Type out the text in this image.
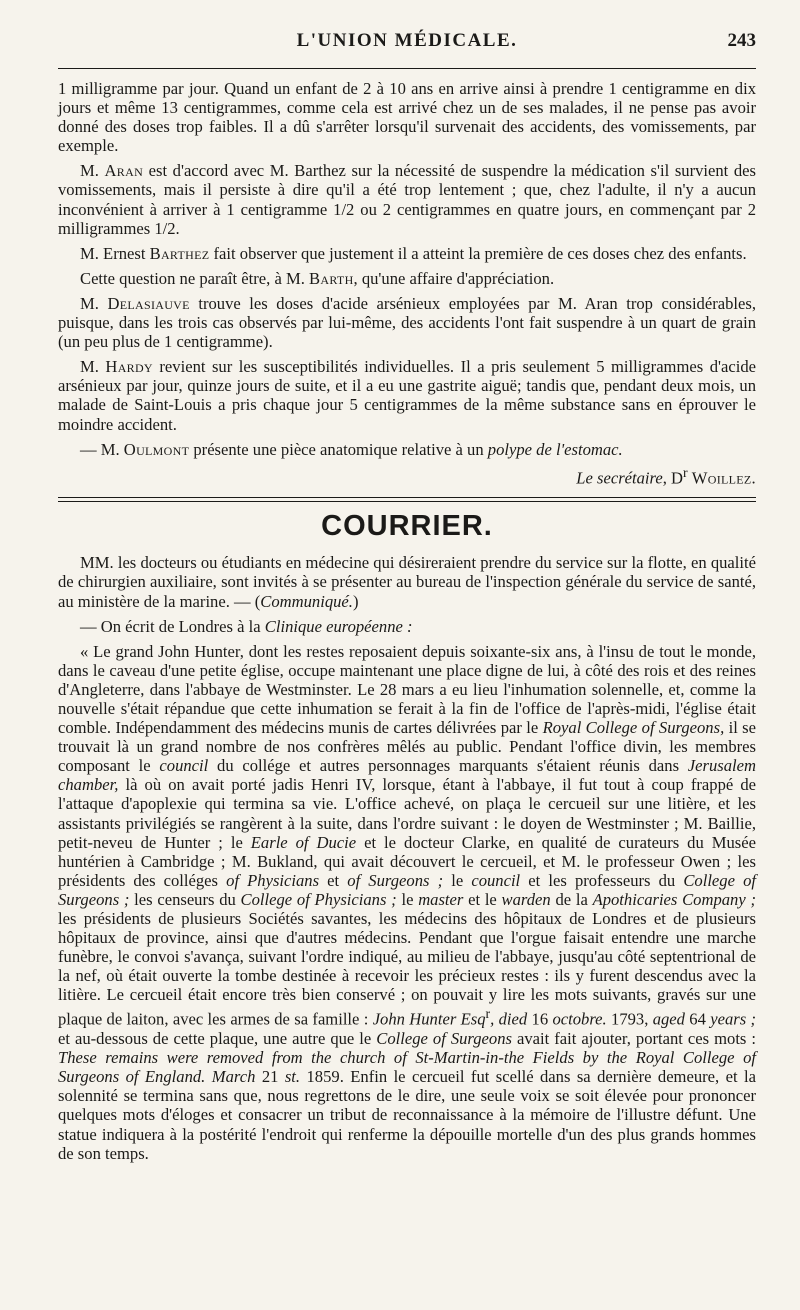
L'UNION MÉDICALE.	243

1 milligramme par jour. Quand un enfant de 2 à 10 ans en arrive ainsi à prendre 1 centigramme en dix jours et même 13 centigrammes, comme cela est arrivé chez un de ses malades, il ne pense pas avoir donné des doses trop faibles. Il a dû s'arrêter lorsqu'il survenait des accidents, des vomissements, par exemple.

M. Aran est d'accord avec M. Barthez sur la nécessité de suspendre la médication s'il survient des vomissements, mais il persiste à dire qu'il a été trop lentement ; que, chez l'adulte, il n'y a aucun inconvénient à arriver à 1 centigramme 1/2 ou 2 centigrammes en quatre jours, en commençant par 2 milligrammes 1/2.

M. Ernest Barthez fait observer que justement il a atteint la première de ces doses chez des enfants.

Cette question ne paraît être, à M. Barth, qu'une affaire d'appréciation.

M. Delasiauve trouve les doses d'acide arsénieux employées par M. Aran trop considérables, puisque, dans les trois cas observés par lui-même, des accidents l'ont fait suspendre à un quart de grain (un peu plus de 1 centigramme).

M. Hardy revient sur les susceptibilités individuelles. Il a pris seulement 5 milligrammes d'acide arsénieux par jour, quinze jours de suite, et il a eu une gastrite aiguë; tandis que, pendant deux mois, un malade de Saint-Louis a pris chaque jour 5 centigrammes de la même substance sans en éprouver le moindre accident.

— M. Oulmont présente une pièce anatomique relative à un polype de l'estomac.

Le secrétaire, $D^r$ Woillez.
COURRIER.

MM. les docteurs ou étudiants en médecine qui désireraient prendre du service sur la flotte, en qualité de chirurgien auxiliaire, sont invités à se présenter au bureau de l'inspection générale du service de santé, au ministère de la marine. — (Communiqué.)

— On écrit de Londres à la Clinique européenne :

« Le grand John Hunter, dont les restes reposaient depuis soixante-six ans, à l'insu de tout le monde, dans le caveau d'une petite église, occupe maintenant une place digne de lui, à côté des rois et des reines d'Angleterre, dans l'abbaye de Westminster. Le 28 mars a eu lieu l'inhumation solennelle, et, comme la nouvelle s'était répandue que cette inhumation se ferait à la fin de l'office de l'après-midi, l'église était comble. Indépendamment des médecins munis de cartes délivrées par le Royal College of Surgeons, il se trouvait là un grand nombre de nos confrères mêlés au public. Pendant l'office divin, les membres composant le council du collége et autres personnages marquants s'étaient réunis dans Jerusalem chamber, là où on avait porté jadis Henri IV, lorsque, étant à l'abbaye, il fut tout à coup frappé de l'attaque d'apoplexie qui termina sa vie. L'office achevé, on plaça le cercueil sur une litière, et les assistants privilégiés se rangèrent à la suite, dans l'ordre suivant : le doyen de Westminster ; M. Baillie, petit-neveu de Hunter ; le Earle of Ducie et le docteur Clarke, en qualité de curateurs du Musée huntérien à Cambridge ; M. Bukland, qui avait découvert le cercueil, et M. le professeur Owen ; les présidents des colléges of Physicians et of Surgeons ; le council et les professeurs du College of Surgeons ; les censeurs du College of Physicians ; le master et le warden de la Apothicaries Company ; les présidents de plusieurs Sociétés savantes, les médecins des hôpitaux de Londres et de plusieurs hôpitaux de province, ainsi que d'autres médecins. Pendant que l'orgue faisait entendre une marche funèbre, le convoi s'avança, suivant l'ordre indiqué, au milieu de l'abbaye, jusqu'au côté septentrional de la nef, où était ouverte la tombe destinée à recevoir les précieux restes : ils y furent descendus avec la litière. Le cercueil était encore très bien conservé ; on pouvait y lire les mots suivants, gravés sur une plaque de laiton, avec les armes de sa famille : John Hunter Esq$^r$, died 16 octobre. 1793, aged 64 years ; et au-dessous de cette plaque, une autre que le College of Surgeons avait fait ajouter, portant ces mots : These remains were removed from the church of St-Martin-in-the Fields by the Royal College of Surgeons of England. March 21 st. 1859. Enfin le cercueil fut scellé dans sa dernière demeure, et la solennité se termina sans que, nous regrettons de le dire, une seule voix se soit élevée pour prononcer quelques mots d'éloges et consacrer un tribut de reconnaissance à la mémoire de l'illustre défunt. Une statue indiquera à la postérité l'endroit qui renferme la dépouille mortelle d'un des plus grands hommes de son temps.
